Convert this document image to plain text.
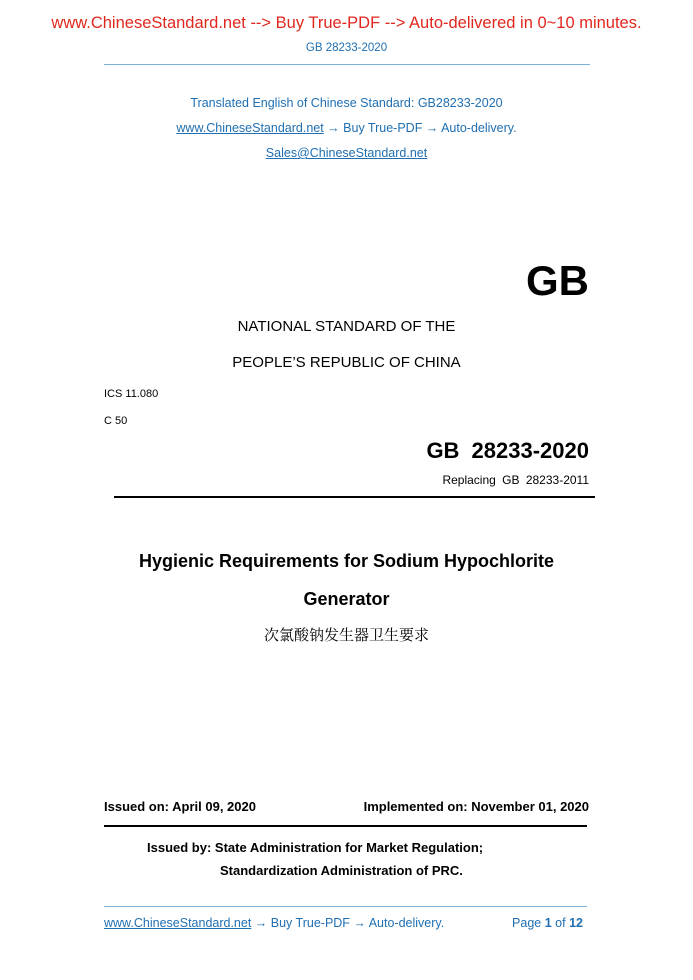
www.ChineseStandard.net --> Buy True-PDF --> Auto-delivered in 0~10 minutes.
GB 28233-2020
Translated English of Chinese Standard: GB28233-2020
www.ChineseStandard.net → Buy True-PDF → Auto-delivery.
Sales@ChineseStandard.net
GB
NATIONAL STANDARD OF THE
PEOPLE’S REPUBLIC OF CHINA
ICS 11.080
C 50
GB 28233-2020
Replacing GB 28233-2011
Hygienic Requirements for Sodium Hypochlorite
Generator
次氯酸钠发生器卫生要求
Issued on: April 09, 2020	Implemented on: November 01, 2020
Issued by: State Administration for Market Regulation;
Standardization Administration of PRC.
www.ChineseStandard.net → Buy True-PDF → Auto-delivery.	Page 1 of 12
